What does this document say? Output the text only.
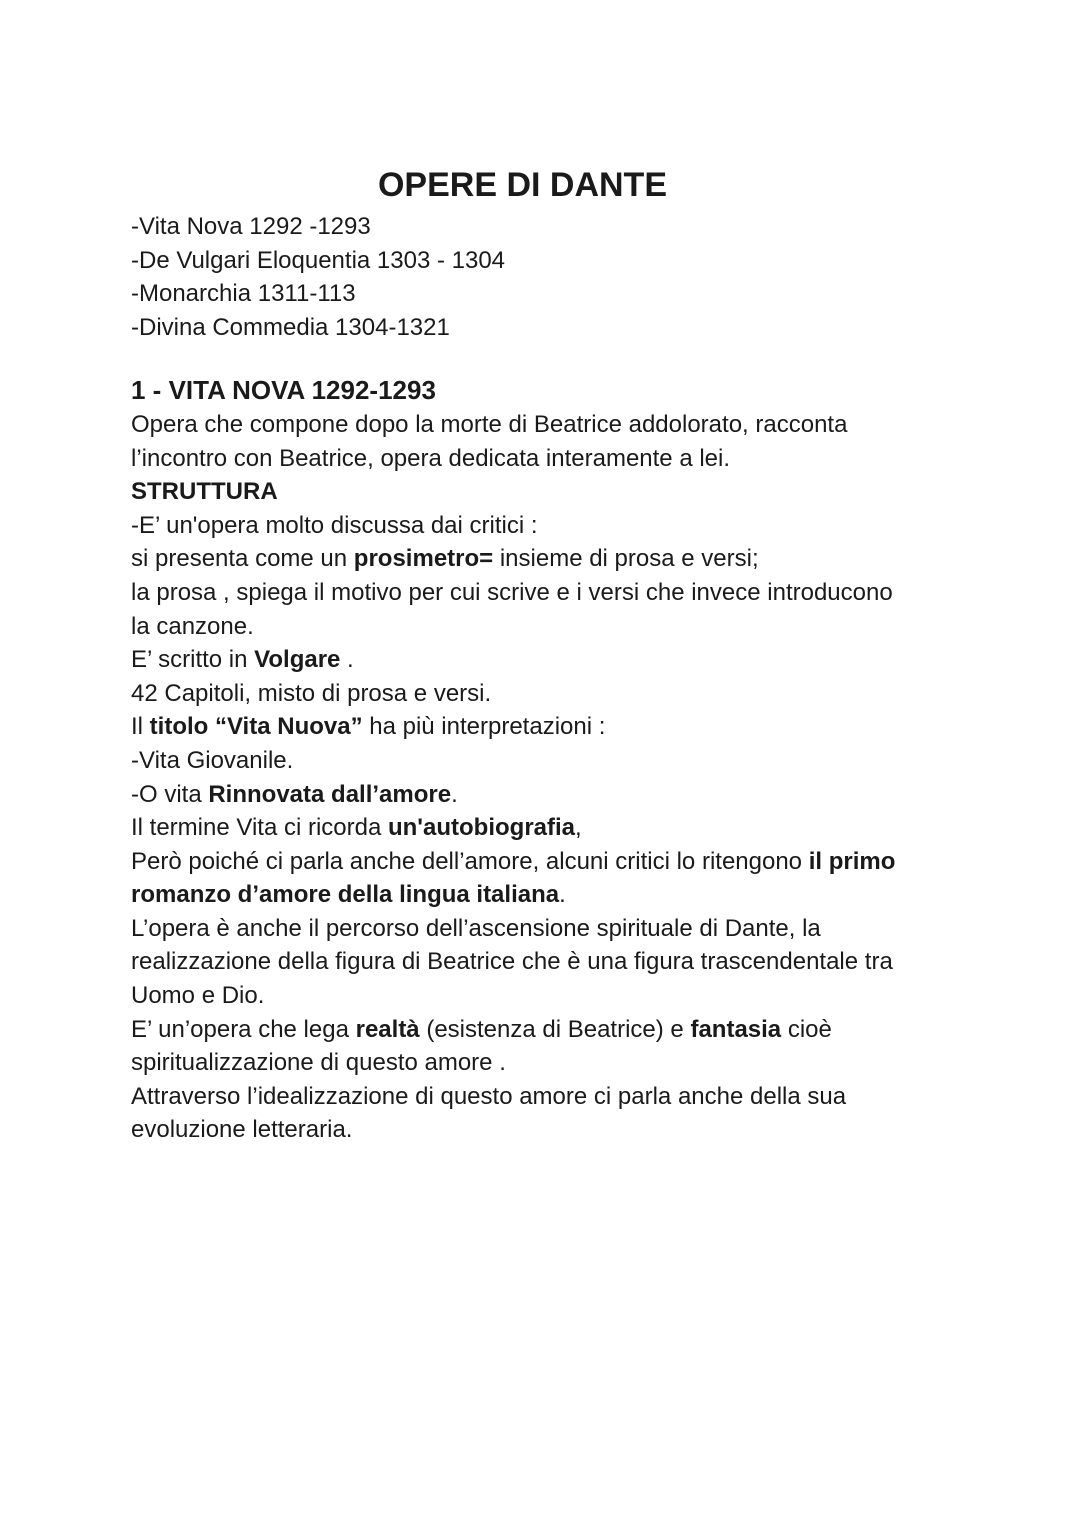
OPERE DI DANTE

-Vita Nova 1292 -1293

-De Vulgari Eloquentia 1303 - 1304

-Monarchia 1311-113

-Divina Commedia 1304-1321

1 - VITA NOVA 1292-1293

Opera che compone dopo la morte di Beatrice addolorato, racconta

l’incontro con Beatrice, opera dedicata interamente a lei.

STRUTTURA

-E’ un'opera molto discussa dai critici :

si presenta come un prosimetro= insieme di prosa e versi;

la prosa , spiega il motivo per cui scrive e i versi che invece introducono

la canzone.

E’ scritto in Volgare .

42 Capitoli, misto di prosa e versi.

Il titolo “Vita Nuova” ha più interpretazioni :

-Vita Giovanile.

-O vita Rinnovata dall’amore.

Il termine Vita ci ricorda un'autobiografia,

Però poiché ci parla anche dell’amore, alcuni critici lo ritengono il primo

romanzo d’amore della lingua italiana.

L’opera è anche il percorso dell’ascensione spirituale di Dante, la

realizzazione della figura di Beatrice che è una figura trascendentale tra

Uomo e Dio.

E’ un’opera che lega realtà (esistenza di Beatrice) e fantasia cioè

spiritualizzazione di questo amore .

Attraverso l’idealizzazione di questo amore ci parla anche della sua

evoluzione letteraria.
